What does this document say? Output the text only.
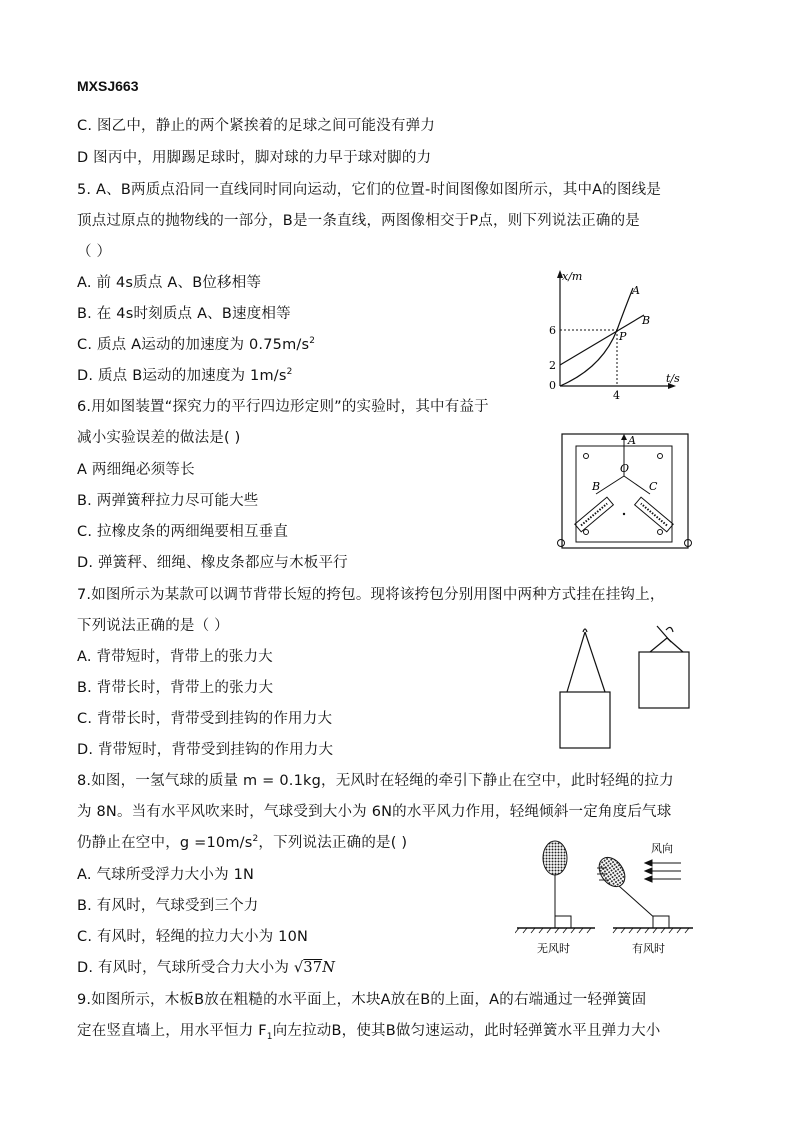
MXSJ663
C. 图乙中，静止的两个紧挨着的足球之间可能没有弹力
D 图丙中，用脚踢足球时，脚对球的力早于球对脚的力
5. A、B两质点沿同一直线同时同向运动，它们的位置-时间图像如图所示，其中A的图线是
顶点过原点的抛物线的一部分，B是一条直线，两图像相交于P点，则下列说法正确的是
（ ）
A. 前 4s质点 A、B位移相等
B. 在 4s时刻质点 A、B速度相等
C. 质点 A运动的加速度为 $0.75m/s^2$
D. 质点 B运动的加速度为 $1m/s^2$
6.用如图装置“探究力的平行四边形定则”的实验时，其中有益于
减小实验误差的做法是( )
A 两细绳必须等长
B. 两弹簧秤拉力尽可能大些
C. 拉橡皮条的两细绳要相互垂直
D. 弹簧秤、细绳、橡皮条都应与木板平行
7.如图所示为某款可以调节背带长短的挎包。现将该挎包分别用图中两种方式挂在挂钩上，
下列说法正确的是（ ）
A. 背带短时，背带上的张力大
B. 背带长时，背带上的张力大
C. 背带长时，背带受到挂钩的作用力大
D. 背带短时，背带受到挂钩的作用力大
8.如图，一氢气球的质量 m = 0.1kg，无风时在轻绳的牵引下静止在空中，此时轻绳的拉力
为 8N。当有水平风吹来时，气球受到大小为 6N的水平风力作用，轻绳倾斜一定角度后气球
仍静止在空中，$g =10m/s^2$，下列说法正确的是( )
A. 气球所受浮力大小为 1N
B. 有风时，气球受到三个力
C. 有风时，轻绳的拉力大小为 10N
D. 有风时，气球所受合力大小为 √37N
9.如图所示，木板B放在粗糙的水平面上，木块A放在B的上面，A的右端通过一轻弹簧固
定在竖直墙上，用水平恒力 $F_1$向左拉动B，使其B做匀速运动，此时轻弹簧水平且弹力大小
x/m
t/s
A
B
P
6
2
0
4
A
O
B	C
无风时	有风时
风向
